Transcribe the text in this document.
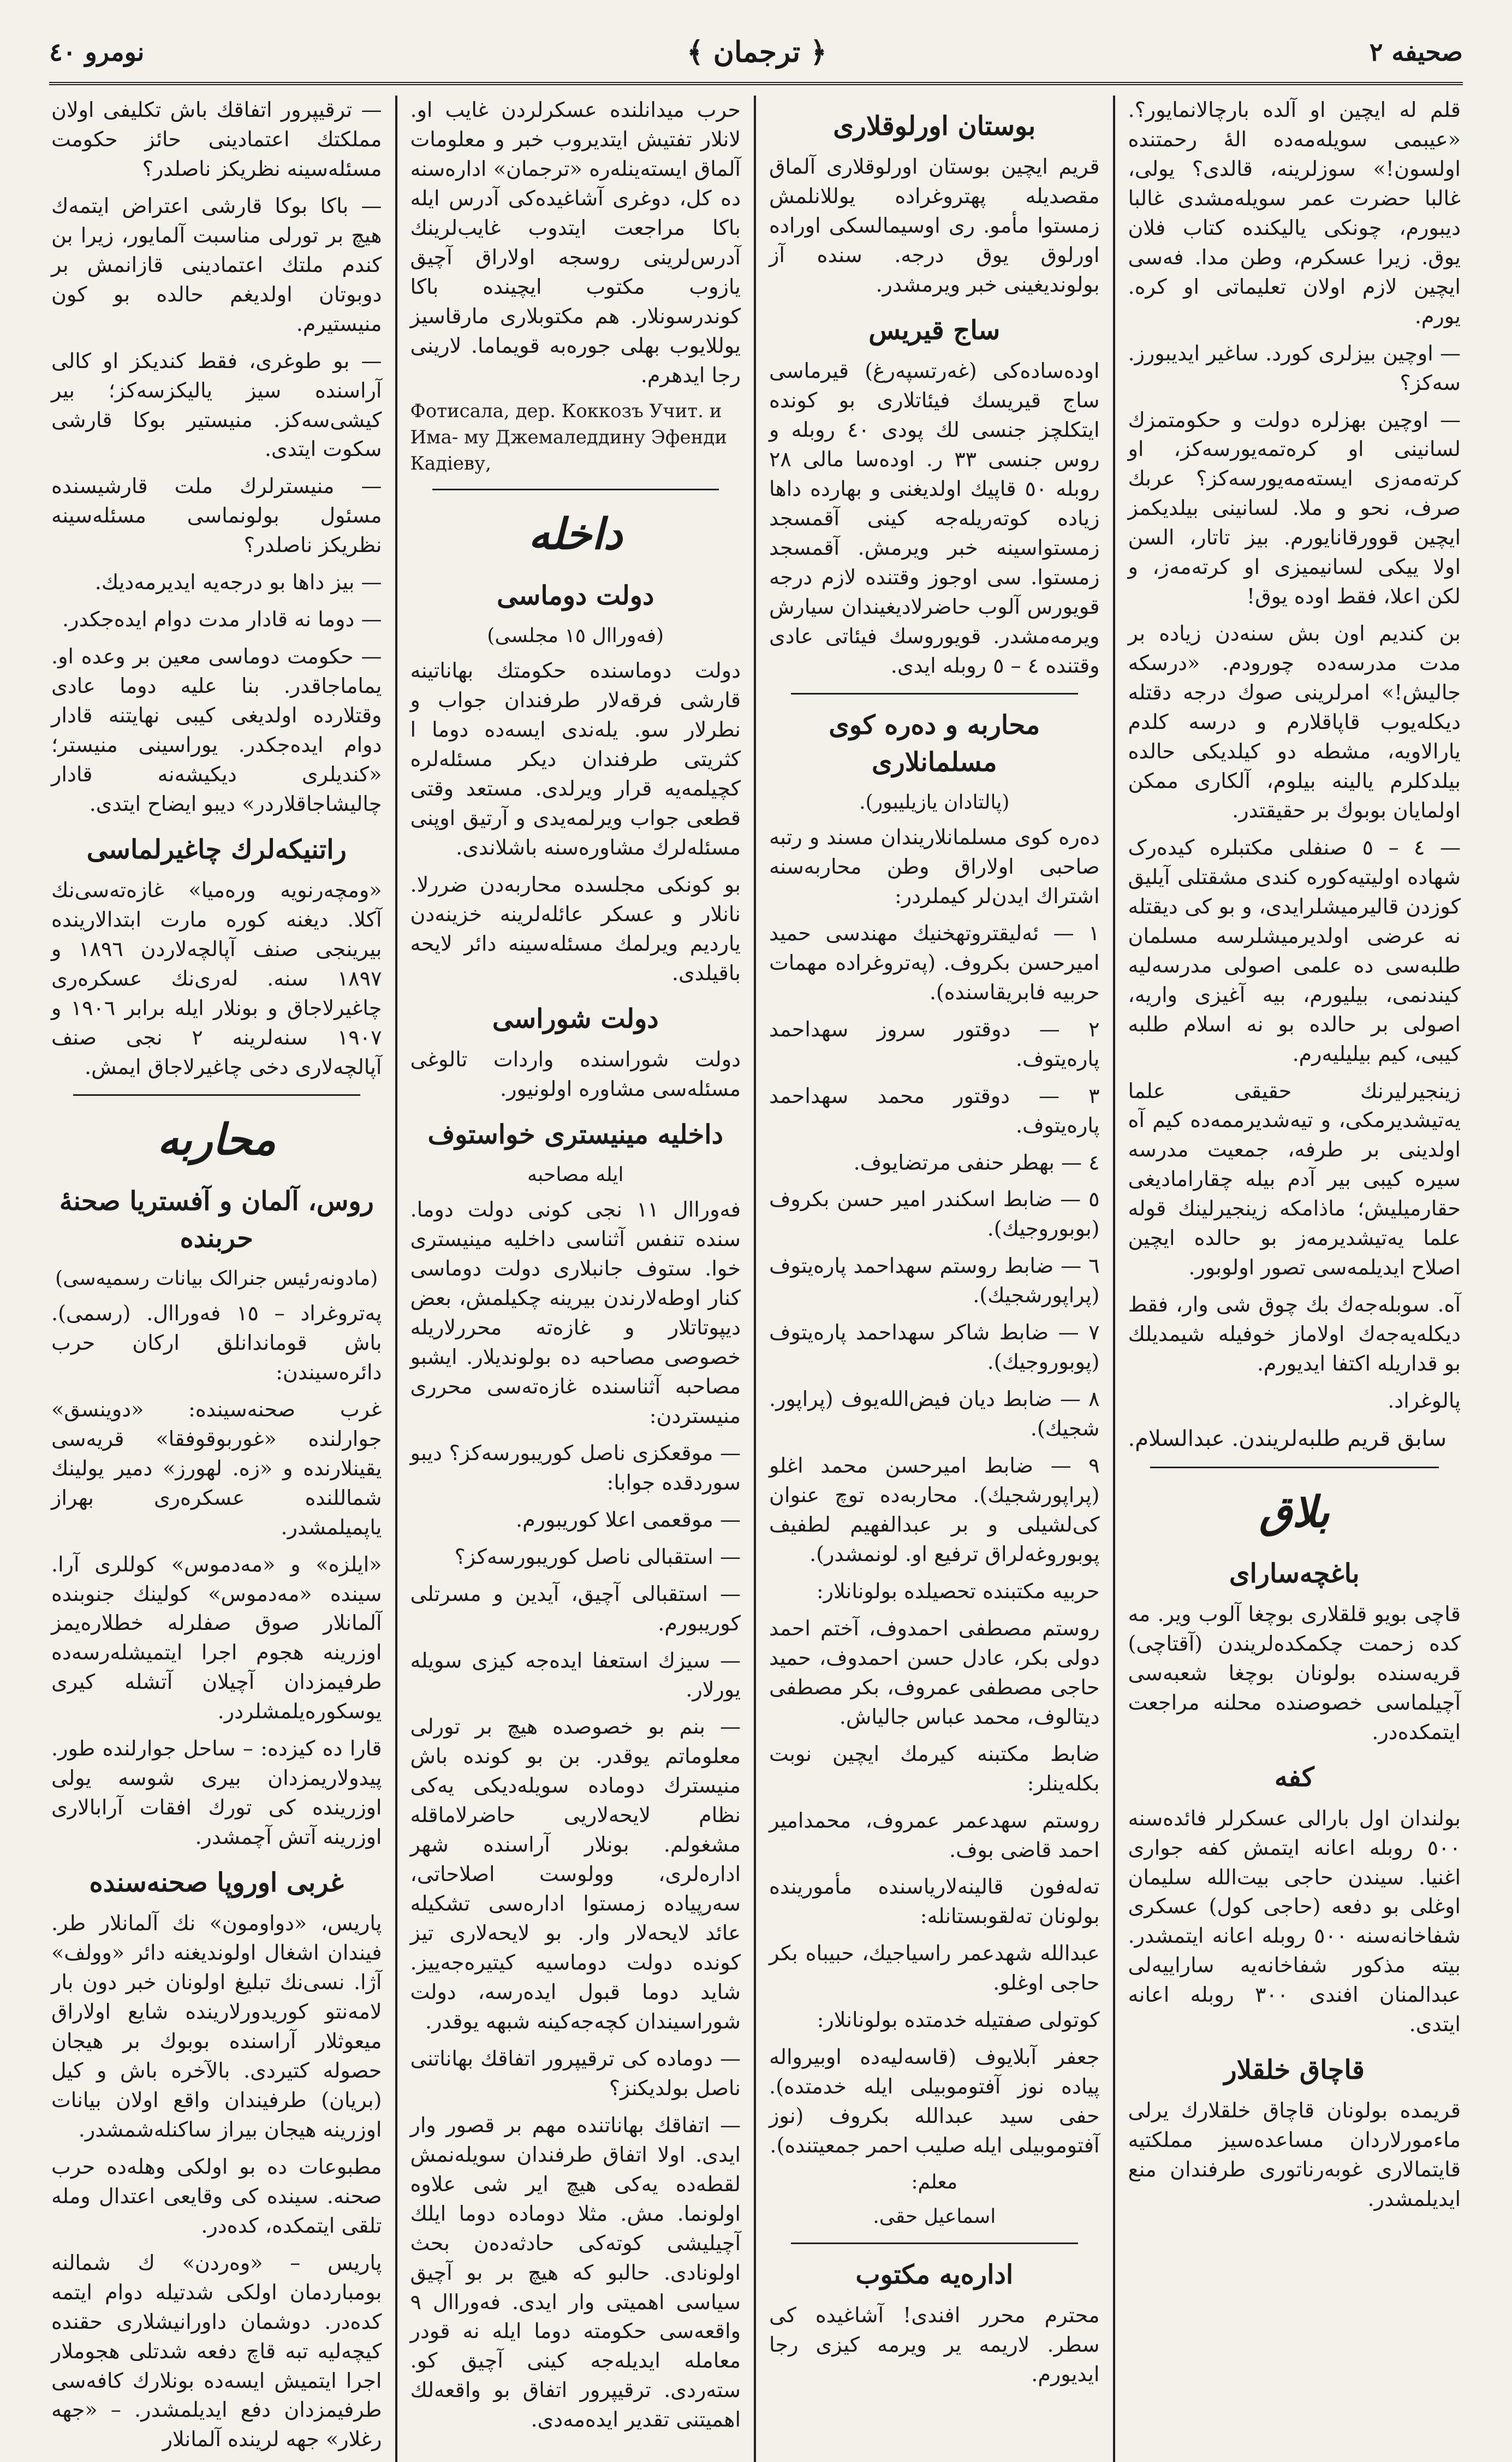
صحیفه ۲
﴿ ترجمان ﴾
نومرو ٤٠

قلم له ایچین او آلده بارچالانمایور؟. «عیبمی سویله‌مه‌ده الهٔ رحمتنده اولسون!» سوزلرینه، قالدی؟ یولی، غالبا حضرت عمر سویله‌مشدی غالبا دیبورم، چونکی یالیکنده کتاب فلان یوق. زیرا عسکرم، وطن مدا. فه‌سی ایچین لازم اولان تعلیماتی او کره‌. یورم.

— اوچین بیزلری کورد. ساغیر ایدیبورز. سه‌کز؟

— اوچین بهزلره دولت و حکومتمزك لسانینی او کره‌تمه‌یورسه‌کز، او کرته‌مه‌زی ایسته‌مه‌یورسه‌کز؟ عربك صرف، نحو و ملا. لسانینی بیلدیکمز ایچین قوورقانایورم. بیز تاتار، السن اولا ییکی لسانیمیزی او کرته‌مه‌ز، و لکن اعلا، فقط اوده یوق!

بن کندیم اون بش سنه‌دن زیاده بر مدت مدرسه‌ده چورودم. «درسکه جالیش!» امرلرینی صوك درجه دقتله دیکله‌یوب قاپاقلارم و درسه‌ کلدم یارالاویه، مشطه‌ دو کیلدیکی حالده بیلدکلرم یالینه بیلوم، آلکاری ممکن اولمایان بوبوك بر حقیقتدر.

— ٤ – ٥ صنفلی مکتبلره کیده‌رک شهاده‌ اولیتیه‌کوره‌ کندی مشقتلی آیلیق کوزدن قالیرمیشلرایدی، و بو کی دیقتله نه عرضی اولدیرمیشلرسه مسلمان طلبه‌سی ده علمی اصولی مدرسه‌‌لیه کیندنمی، بیلیورم، بیه‌ آغیزی واریه، اصولی بر حالده بو نه اسلام طلبه‌ کیبی، کیم بیلیلیه‌رم.

زینجیرلیرنك حقیقی علما یه‌تیشدیرمکی، و تیه‌شدیرممه‌ده کیم آه‌ اولدینی بر طرفه، جمعیت مدرسه‌ سیره‌‌ کیبی بیر آدم بیله‌ چقارامادیغی حقارمیلیش؛ ما‌ذا‌مکه زینجیرلینك قوله علما یه‌تیشدیرمه‌ز بو حالده ایچین اصلاح ایدیلمه‌سی تصور اولوبور.

آه. سوبله‌جه‌‌ك بك چوق شی وار، فقط دیکله‌یه‌جه‌ك اولاماز خوفیله شیمدیلك بو قداریله اکتفا ایدیورم.

پالوغراد.

سابق قریم طلبه‌لریندن. عبدالسلام.
بلاق
باغچه‌سارای

قاچی بویو قلقلاری بوچغا آلوب ویر. مه کده زحمت چکمکده‌لریندن (آقتاچی) قریه‌سنده بولونان بوچغا شعبه‌سی آچیلماسی خصوصنده محلنه مراجعت ایتمکده‌در.

کفه

بولندان اول بارالی عسکرلر فائده‌سنه ٥٠٠ روبله اعانه ایتمش کفه جواری اغنیا. سیندن حاجی بیت‌الله سلیمان اوغلی بو دفعه (حاجی کول) عسکری شفاخانه‌سنه ٥٠٠ روبله اعانه ایتمشدر. بیته مذکور شفاخانه‌یه ساراییه‌لی عبدالمنان افندی ٣٠٠ روبله اعانه ایتدی.

قاچاق خلقلار

قریمده بولونان قاچاق خلقلارك یرلی ماءمورلاردان مساعده‌سیز مملکتیه قایتمالاری غوبه‌رناتوری طرفندان منع ایدیلمشدر.

بوستان اورلوقلاری

قریم ایچین بوستان اورلوقلاری آلماق مقصدیله پهتروغراده یوللانلمش زمستوا مأمو. ری اوسیمالسکی اوراده اورلوق یوق درجه. سنده آز بولوندیغینی خبر ویرمشدر.

ساج قیریس

اوده‌ساده‌کی (غه‌رتسپه‌رغ) قیرماسی ساج قیریسك فیئاتلاری بو کونده ایتکلچز جنسی لك پودی ٤٠ روبله و روس جنسی ٣٣ ر. اوده‌سا مالی ٢٨ روبله ٥٠ قاپیك اولدیغنی و بهارده داها زیاده کوته‌ریله‌جه کینی آقمسجد زمستوا‌سینه خبر ویرمش. آقمسجد زمستوا. سی اوجوز وقتنده لازم درجه قویورس آلوب حاضرلادیغیندان سیارش ویرمه‌مشدر. قویوروسك فیئاتی عادی وقتنده ٤ – ٥ روبله ایدی.

محاربه و ده‌ره کوی مسلمانلاری
(پالتادان یازیلیبور).

ده‌ره کوی مسلمانلاریندان مسند و رتبه صاحبی اولاراق وطن محاربه‌سنه اشتراك ایدن‌لر کیملردر:

۱ — ئه‌لیقترو‌تهخنیك مهندسی حمید امیرحسن بکروف. (په‌تروغراده مهمات حربیه فابریقاسنده).

۲ — دوقتور سروز سهداحمد پاره‌یتوف.

۳ — دوقتور محمد سهداحمد پاره‌یتوف.

٤ — بهطر حنفی مرتضایوف.

٥ — ضابط اسکندر امیر حسن بکروف (بوبوروجیك).

٦ — ضابط روستم سهداحمد پاره‌یتوف (پراپورشجیك).

٧ — ضابط شاکر سهداحمد پاره‌یتوف (پوبوروجیك).

٨ — ضابط دیان فیض‌الله‌یوف (پراپور. شجیك).

٩ — ضابط امیرحسن محمد اغلو (پراپورشجیك). محاربه‌ده توچ عنوان کی‌لشیلی و بر عبدالفهیم لطفیف پوبوروغه‌لراق ترفیع او. لونمشدر).

حربیه مکتبنده تحصیلده بولونانلار:

روستم مصطفی احمدوف، آختم احمد دولی بکر، عادل حسن احمدوف، حمید حاجی مصطفی عمروف، بکر مصطفی دیتالوف، محمد عباس جالیاش.

ضابط مکتبنه کیرمك ایچین نوبت بکله‌ینلر:

روستم سهدعمر عمروف، محمدامیر احمد قاضی بوف.

ته‌له‌فون قالینه‌لاریاسنده مأمورینده بولونان ته‌لقوبستانله:

عبدالله شهدعمر راسیاجیك، حبیباه بکر حاجی اوغلو.

کو‌تولی صفتیله خدمتده بولونانلار:

جعفر آبلایوف (قاسه‌لیه‌ده‌ اوبیرواله پیاده نوز آفتوموبیلی ایله خدمتده). حفی سید عبدالله بکروف (نوز آفتوموبیلی ایله صلیب احمر جمعیتنده).

معلم:
اسماعیل حقی.
اداره‌یه مکتوب

محترم محرر افندی! آشاغیده‌ کی سطر. لاریمه ‌یر ویرمه‌ کیزی رجا ایدیورم.

حرب میدانلنده عسکرلردن غایب او. لانلار تفتیش ایتدیروب خبر و معلومات آلماق ایسته‌ینله‌ره «ترجمان» اداره‌سنه ده کل، دوغری آشاغیده‌کی آدرس ایله باکا مراجعت ایتدوب غایب‌لرینك آدرس‌لرینی روسجه اولاراق آچیق یازوب مکتوب ایچینده باکا کوندرسونلار. هم مکتوبلاری مارقاسیز یوللایوب بهلی جوره‌به قویماما. لارینی رجا ایدهرم.

Фотисала, дер. Коккозъ Учит. и Има- му Джемаледдину Эфенди Кадiеву,

داخله
دولت دوماسی
(فه‌وراال ١٥ مجلسی)

دولت دوماسنده حکومتك بهاناتینه قارشی فرقه‌لار طرفندان جواب و نطرلار سو. یله‌ندی ایسه‌ده دوما ا کثریتی طرفندان دیکر مسئله‌لره کچیلمه‌یه قرار ویرلدی. مستعد وقتی قطعی جواب ویرلمه‌یدی و آرتیق اوپنی مسئله‌لرك مشاوره‌سنه باشلاندی.

بو کونکی مجلسده محاربه‌دن ضررلا. نانلار و عسکر عائله‌لرینه خزینه‌دن یاردیم ویرلمك مسئله‌سینه دائر لایحه باقیلدی.

دولت شوراسی

دولت شوراسنده واردات تالوغی مسئله‌سی مشاوره اولونیور.

داخلیه مینیستری خواستوف
ایله مصاحبه

فه‌وراال ١١ نجی کونی دولت دوما. سنده تنفس آثناسی داخلیه مینیستری خوا. ستوف جانبلاری دولت دوماسی کنار اوطه‌لارندن بیرینه چکیلمش، بعض دیپوتاتلار و غازه‌ته محررلاریله خصوصی مصاحبه ده بولوندیلار. ایشبو مصاحبه آثناسنده غازه‌ته‌سی محرری منیستردن:

— موقعکزی ناصل کوریبورسه‌کز؟ دیبو سوردقده جوابا:

— موقعمی اعلا کوریبورم.

— استقبالی ناصل کوریبورسه‌کز؟

— استقبالی آچیق، آیدین و مسرتلی کوریبورم.

— سیزك استعفا ایده‌جه کیزی سویله‌ یورلار.

— بنم بو خصوصده هیچ بر تورلی معلوماتم یوقدر. بن بو کونده باش منیسترك دوماده سویله‌دیکی یه‌کی نظام لایحه‌لاریی حاضرلاماقله مشغولم. بونلار آراسنده شهر اداره‌لری، وولوست اصلاحاتی، سه‌رپیاده زمستوا اداره‌سی تشکیله عائد لایحه‌لار وار. بو لایحه‌لاری تیز کونده دولت دوماسیه کیتیره‌جه‌ییز. شاید دوما قبول ایده‌رسه، دولت شوراسیندان کچه‌جه‌کینه شبهه یوقدر.

— دوماده کی ترقیپرور اتفاقك بهاناتنی ناصل بولدیکنز؟

— اتفاقك بهاناتنده مهم بر قصور وار ایدی. اولا اتفاق طرفندان سویله‌نمش لقطه‌ده یه‌کی هیچ ایر شی علاوه اولونما. مش. مثلا دوماده دوما ایلك آچیلیشی کوته‌کی حادثه‌ده‌ن بحث اولونادی. حالبو که هیچ بر بو آچیق سیاسی اهمیتی وار ایدی. فه‌وراال ٩ واقعه‌سی حکومته دوما ایله نه قودر معامله ایدیله‌جه کینی آچیق کو. سته‌ردی. ترقیپرور اتفاق بو واقعه‌لك اهمیتنی تقدیر ایده‌مه‌دی.

— ترقیپرور اتفاقك باش تکلیفی اولان مملکتك اعتمادینی حائز حکومت مسئله‌سینه نظریکز ناصلدر؟

— باکا بوکا قارشی اعتراض ایتمه‌ك هیچ بر تورلی مناسبت آلمایور، زیرا بن کندم ملتك اعتمادینی قازانمش بر دوبوتان اولدیغم حالده بو کون منیستیرم.

— بو طوغری، فقط کندیکز او کالی آراسنده سیز یالیکزسه‌کز؛ بیر کیشی‌سه‌کز. منیستیر بوکا قارشی سکوت ایتدی.

— منیسترلرك ملت قارشیسنده مسئول بولونماسی مسئله‌سینه نظریکز ناصلدر؟

— بیز داها بو درجه‌یه ایدیرمه‌دیك.

— دوما نه قادار مدت دوام ایده‌جکدر.

— حکومت دوماسی معین بر وعده او. یماماجاقدر. بنا علیه دوما عادی وقتلارده اولدیغی کیبی نهایتنه قادار دوام ایده‌جکدر. یوراسینی منیستر؛ «کندیلری دیکیشه‌نه قادار چالیشاجاقلاردر» دیبو ایضاح ایتدی.

راتنیکه‌لرك چاغیرلماسی

«ومچه‌رنویه وره‌میا» غازه‌ته‌سی‌نك آکلا. دیغنه کوره مارت ابتدالارینده بیرینجی صنف آپالچه‌لاردن ١٨٩٦ و ١٨٩٧ سنه. له‌ری‌نك عسکره‌ری چاغیرلاجاق و بونلار ایله برابر ١٩٠٦ و ١٩٠٧ سنه‌لرینه ٢ نجی صنف آپالچه‌لاری دخی چاغیرلاجاق ایمش.

محاربه
روس، آلمان و آفستریا صحنهٔ حربنده
(مادونه‌رئیس جنرالک بیانات رسمیه‌سی)

په‌تروغراد – ١٥ فه‌وراال. (رسمی). باش قوماندانلق ارکان حرب دائره‌سیندن:

غرب صحنه‌سینده: «دوینسق» جوارلنده «غوربوقوفقا» قریه‌سی یقینلارنده و «زه. لهورز» دمیر یولینك شماللنده عسکره‌ری بهراز یاپمیلمشدر.

«ایلزه» و «مه‌دموس» کوللری آرا. سینده «مه‌دموس» کولینك جنوبنده آلمانلار صوق صفلرله خطلاره‌یمز اوزرینه هجوم اجرا ایتمیشله‌رسه‌ده طرفیمزدان آچیلان آتشله کیری یوسکوره‌یلمشلردر.

قارا ده کیزده: – ساحل جوارلنده طور. پیدولاریمزدان بیری شوسه یولی اوزرینده کی تورك افقات آرابالاری اوزرینه آتش آچمشدر.

غربی اوروپا صحنه‌سنده

پاریس، «دواومون» نك آلمانلار طر. فیندان اشغال اولوندیغنه دائر «وولف» آژا. نسی‌نك تبلیغ اولونان خبر دون بار لامه‌نتو کوریدورلارینده شایع اولاراق میعوثلار آراسنده بوبوك بر هیجان حصوله کتیردی. بالآخره باش و کیل (بریان) طرفیندان واقع اولان بیانات اوزرینه هیجان بیراز ساکنله‌شمشدر.

مطبوعات ده بو اولکی وهله‌ده حرب صحنه‌. سینده‌ کی وقایعی اعتدال ومله تلقی ایتمکده، کده‌در.

پاریس – «وه‌ردن» ك شمالنه بومباردمان اولکی شدتیله دوام ایتمه‌ کده‌در. دوشمان داورانیشلاری حقنده کیچه‌لیه تبه‌ قاچ دفعه شدتلی هجوملار اجرا ایتمیش ایسه‌ده بونلارك کافه‌سی طرفیمزدان دفع ایدیلمشدر. – «جهه‌ رغلار» جهه‌ لرینده آلمانلار
